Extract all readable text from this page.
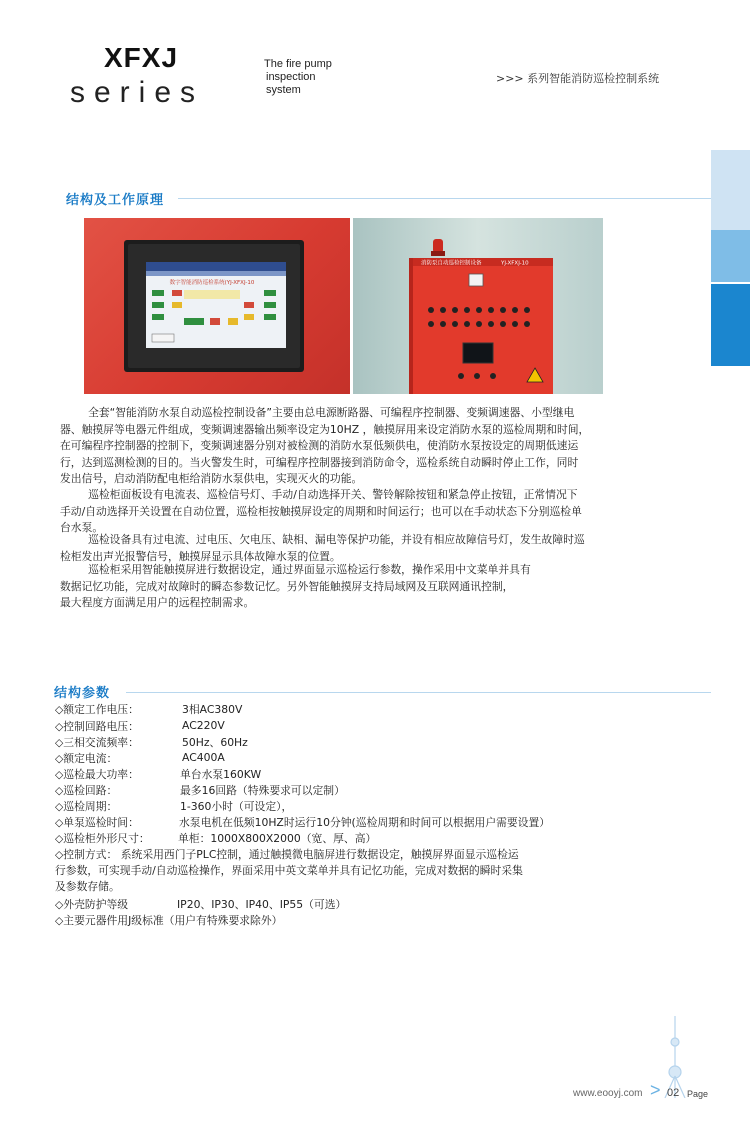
XFXJ
series
The fire pump
inspection
system
>>> 系列智能消防巡检控制系统
结构及工作原理
数字智能消防巡检系统(YJ-XFXJ-10
消防泵自动巡检控制设备	YJ-XFXJ-10

全套“智能消防水泵自动巡检控制设备”主要由总电源断路器、可编程序控制器、变频调速器、小型继电

器、触摸屏等电器元件组成，变频调速器输出频率设定为10HZ ，触摸屏用来设定消防水泵的巡检周期和时间，

在可编程序控制器的控制下，变频调速器分别对被检测的消防水泵低频供电，使消防水泵按设定的周期低速运

行，达到巡测检测的目的。当火警发生时，可编程序控制器接到消防命令，巡检系统自动瞬时停止工作，同时

发出信号，启动消防配电柜给消防水泵供电，实现灭火的功能。

巡检柜面板设有电流表、巡检信号灯、手动/自动选择开关、警铃解除按钮和紧急停止按钮，正常情况下

手动/自动选择开关设置在自动位置，巡检柜按触摸屏设定的周期和时间运行；也可以在手动状态下分别巡检单

台水泵。

巡检设备具有过电流、过电压、欠电压、缺相、漏电等保护功能，并设有相应故障信号灯，发生故障时巡

检柜发出声光报警信号，触摸屏显示具体故障水泵的位置。

巡检柜采用智能触摸屏进行数据设定，通过界面显示巡检运行参数，操作采用中文菜单并具有

数据记忆功能，完成对故障时的瞬态参数记忆。另外智能触摸屏支持局域网及互联网通讯控制，

最大程度方面满足用户的远程控制需求。

结构参数
◇额定工作电压：	3相AC380V
◇控制回路电压：	AC220V
◇三相交流频率：	50Hz、60Hz
◇额定电流：	AC400A
◇巡检最大功率：	单台水泵160KW
◇巡检回路：	最多16回路（特殊要求可以定制）
◇巡检周期：	1-360小时（可设定），
◇单泵巡检时间：	水泵电机在低频10HZ时运行10分钟(巡检周期和时间可以根据用户需要设置）
◇巡检柜外形尺寸：	单柜：1000X800X2000（宽、厚、高）

◇控制方式： 系统采用西门子PLC控制，通过触摸微电脑屏进行数据设定，触摸屏界面显示巡检运

行参数，可实现手动/自动巡检操作，界面采用中英文菜单并具有记忆功能，完成对数据的瞬时采集

及参数存储。

◇外壳防护等级	IP20、IP30、IP40、IP55（可选）
◇主要元器件用J级标准（用户有特殊要求除外）
www.eooyj.com > 02 Page
